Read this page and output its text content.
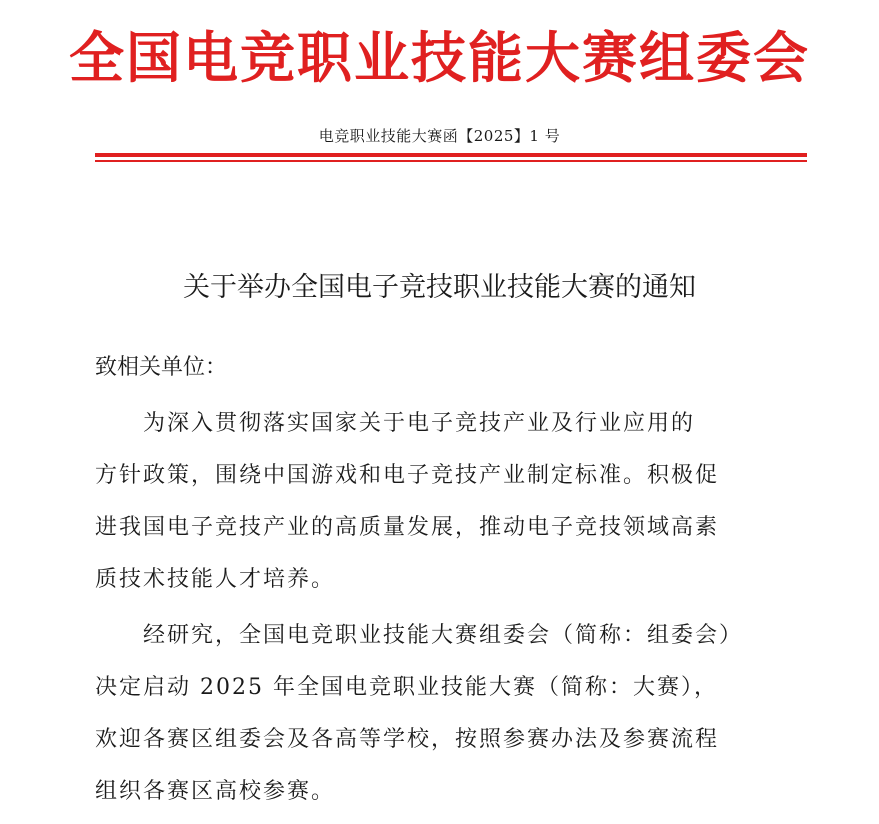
全国电竞职业技能大赛组委会
电竞职业技能大赛函【2025】1 号
关于举办全国电子竞技职业技能大赛的通知
致相关单位：
　　为深入贯彻落实国家关于电子竞技产业及行业应用的
方针政策，围绕中国游戏和电子竞技产业制定标准。积极促
进我国电子竞技产业的高质量发展，推动电子竞技领域高素
质技术技能人才培养。
　　经研究，全国电竞职业技能大赛组委会（简称：组委会）
决定启动 2025 年全国电竞职业技能大赛（简称：大赛），
欢迎各赛区组委会及各高等学校，按照参赛办法及参赛流程
组织各赛区高校参赛。
